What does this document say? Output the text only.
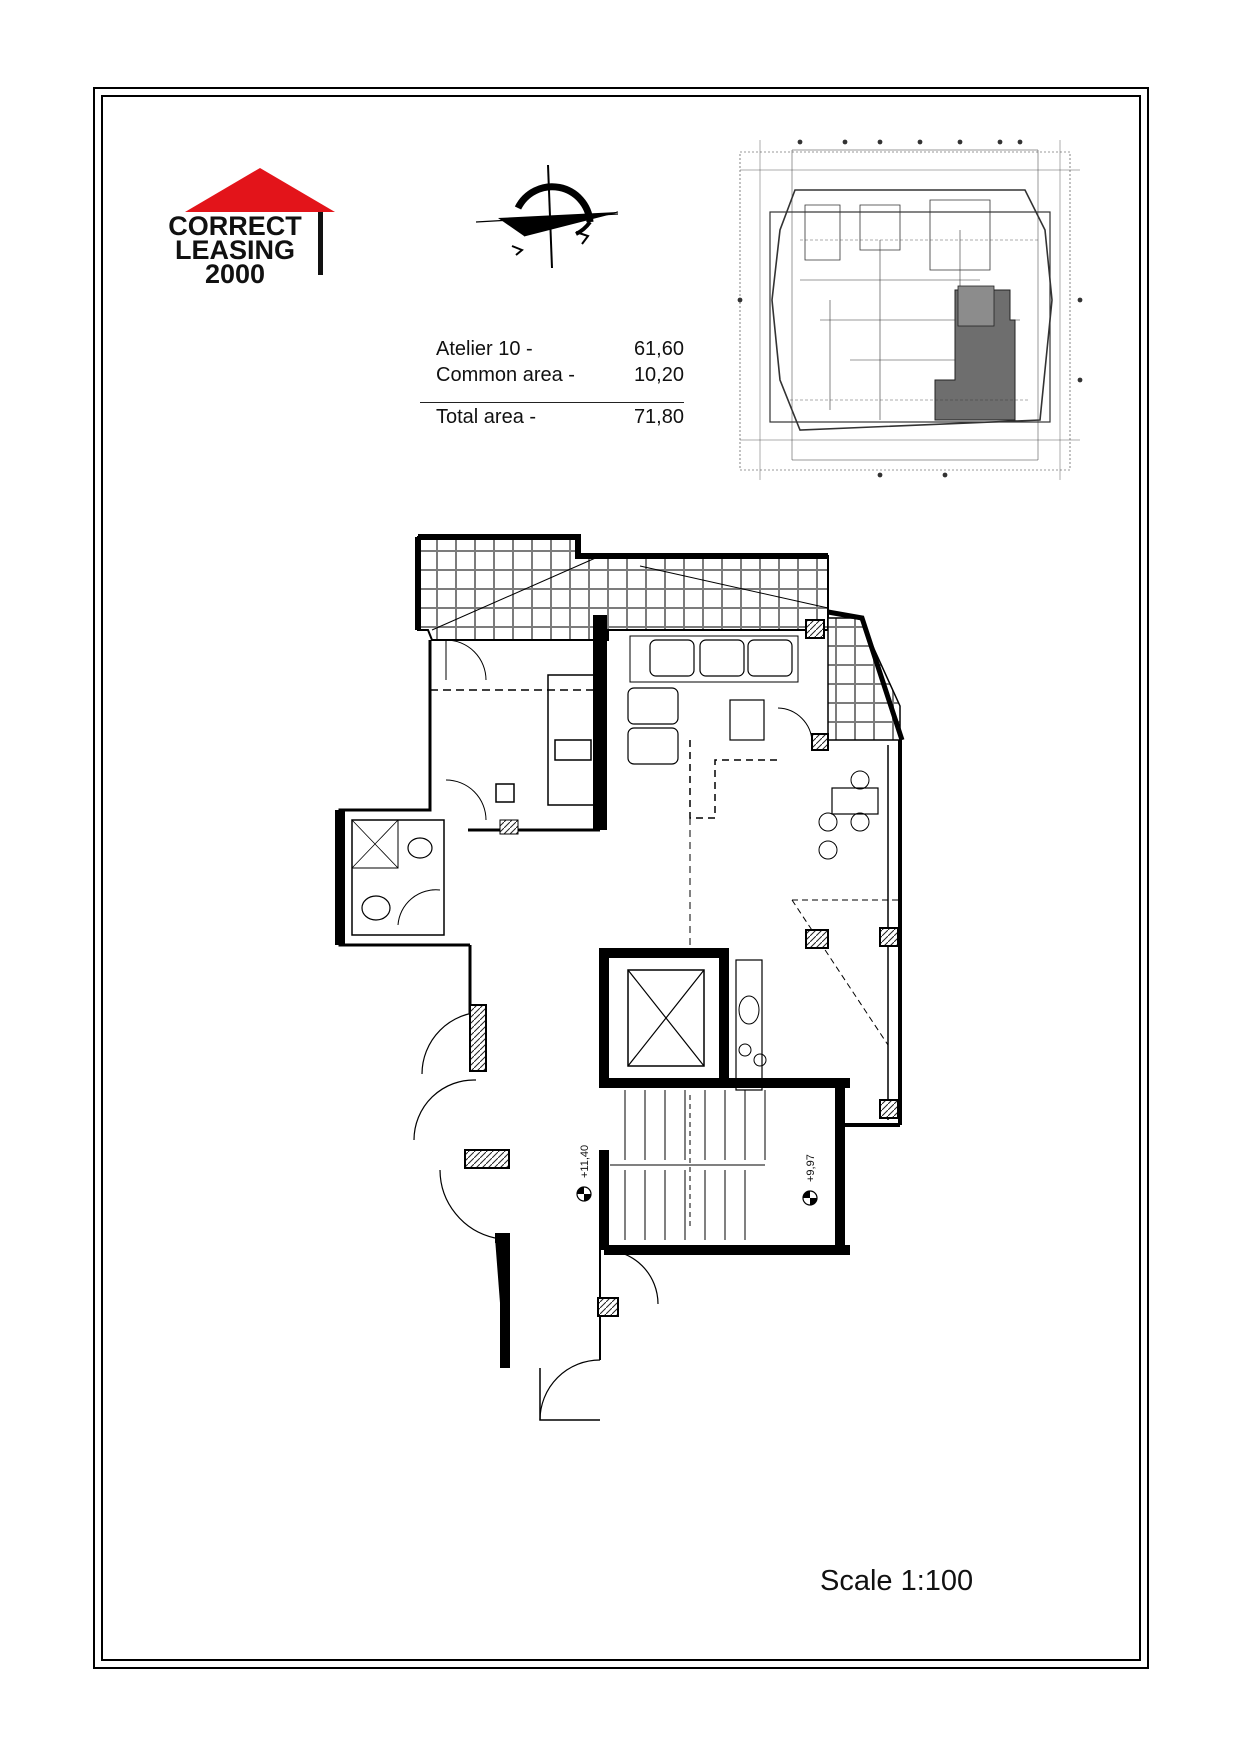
CORRECT
LEASING
2000
Atelier 10 -	61,60
Common area -	10,20
Total area -	71,80
+11,40	+9,97
Scale 1:100
